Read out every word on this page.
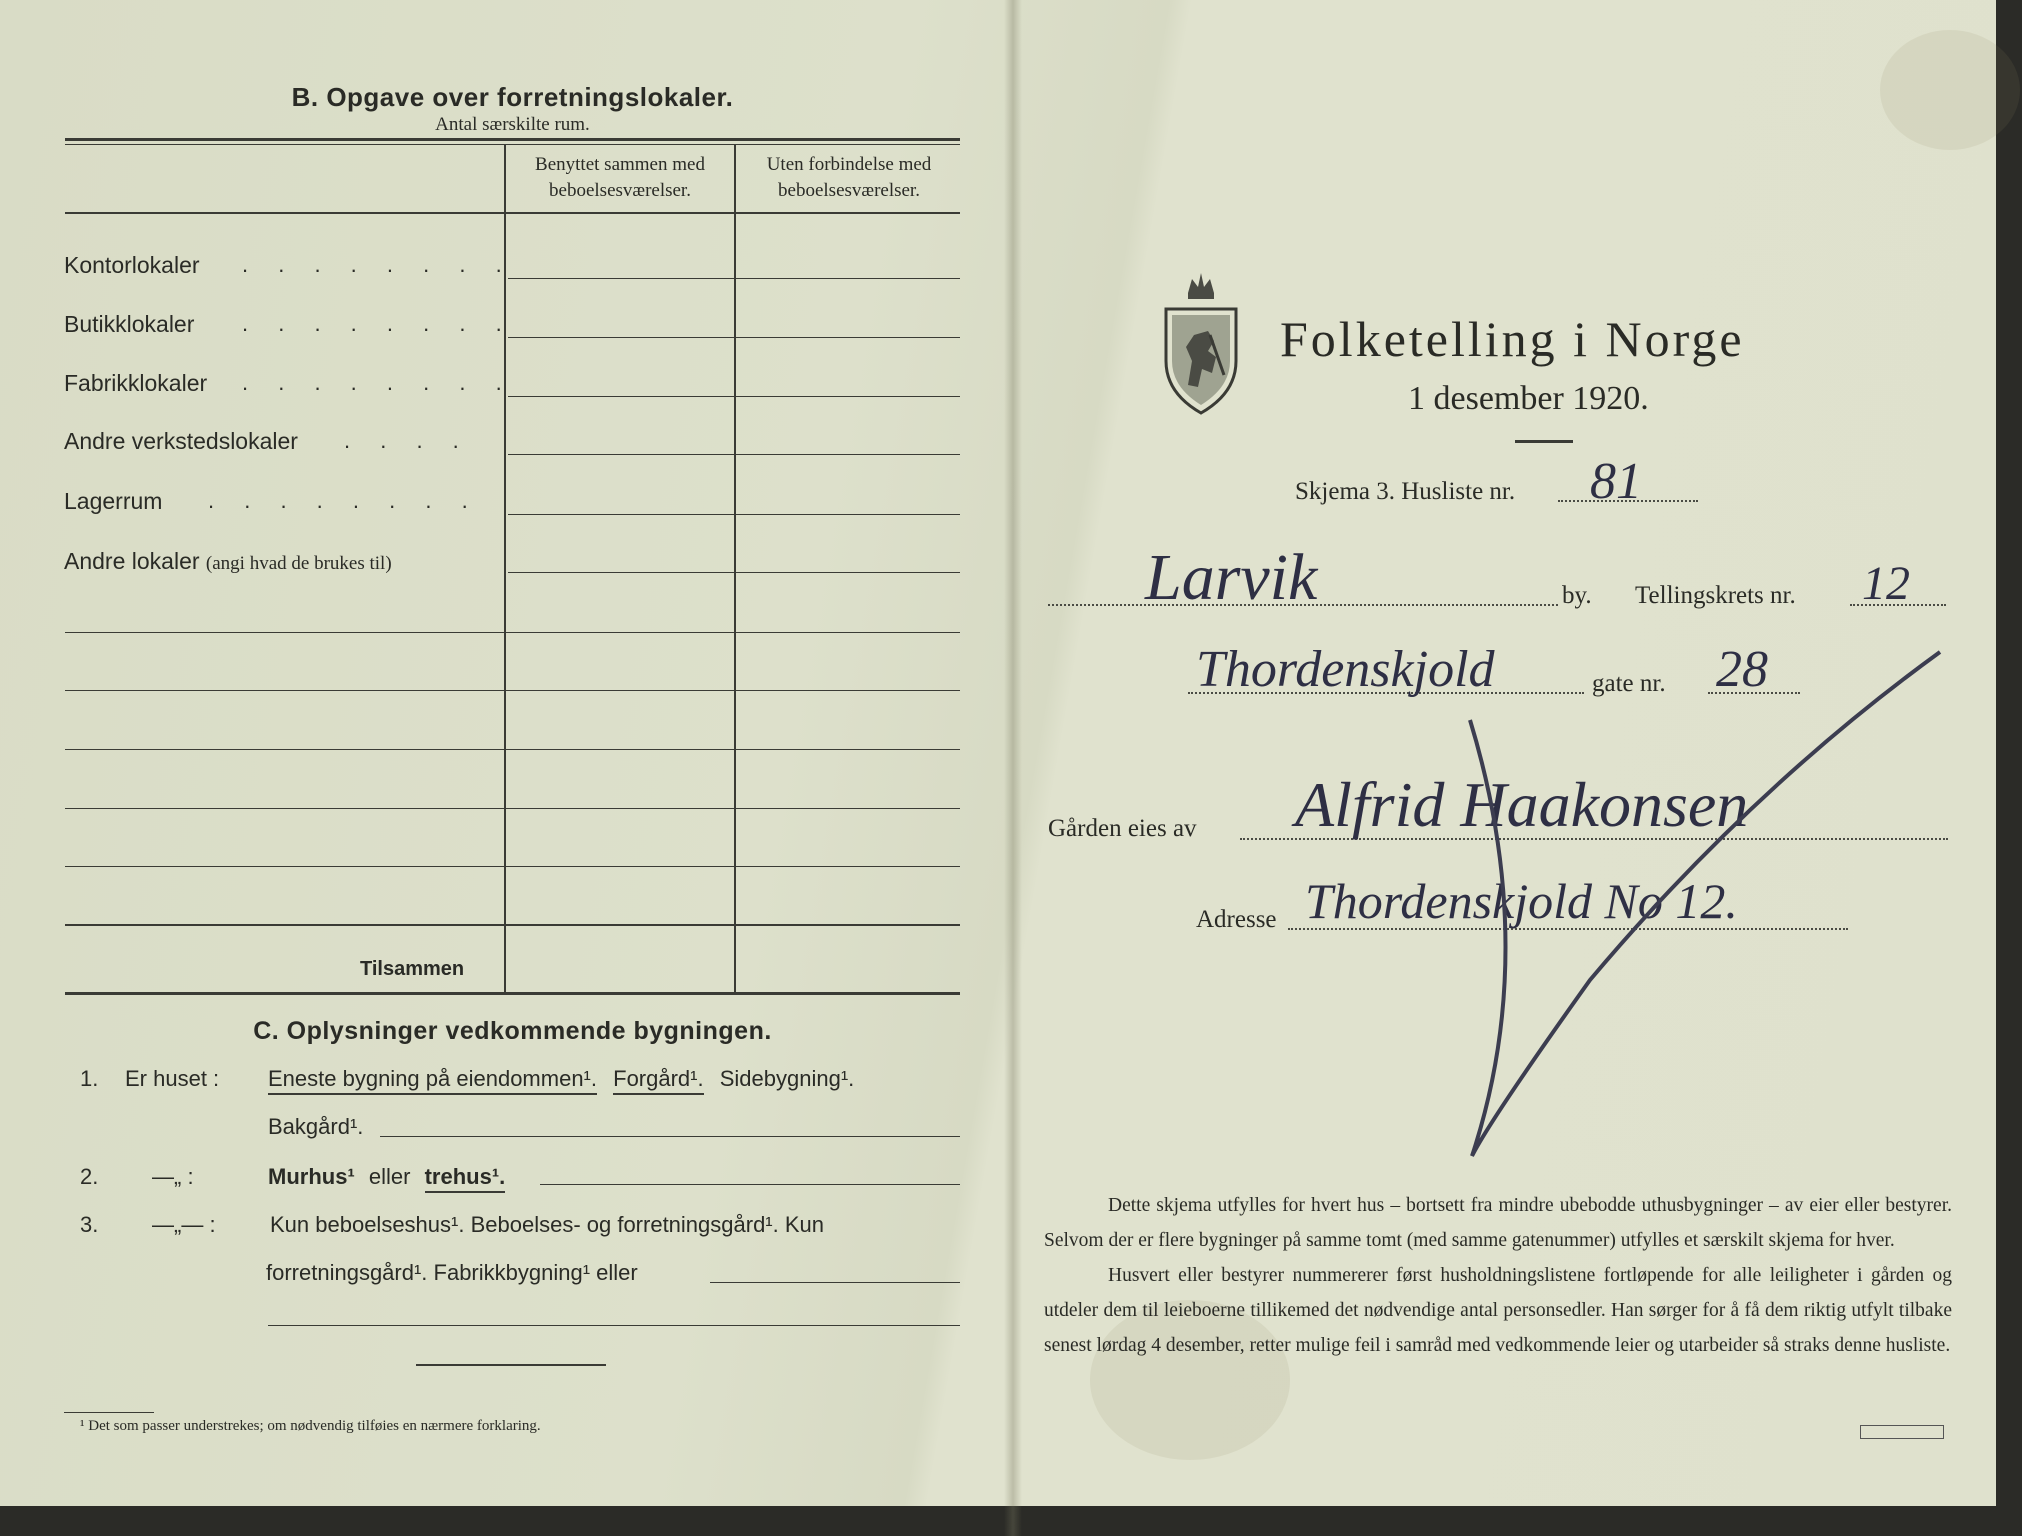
B. Opgave over forretningslokaler.
Antal særskilte rum.
Benyttet sammen med beboelsesværelser.
Uten forbindelse med beboelsesværelser.
Kontorlokaler . . . . . . . .
Butikklokaler . . . . . . . .
Fabrikklokaler . . . . . . . .
Andre verkstedslokaler . . . .
Lagerrum . . . . . . . .
Andre lokaler (angi hvad de brukes til)
Tilsammen
C. Oplysninger vedkommende bygningen.
1. Er huset : Eneste bygning på eiendommen¹. Forgård¹. Sidebygning¹.
Bakgård¹.
2. —„ :	Murhus¹ eller trehus¹.
3. —„— : Kun beboelseshus¹. Beboelses- og forretningsgård¹. Kun
forretningsgård¹. Fabrikkbygning¹ eller
¹ Det som passer understrekes; om nødvendig tilføies en nærmere forklaring.
Folketelling i Norge
1 desember 1920.
Skjema 3. Husliste nr. 81
Larvik	by. Tellingskrets nr. 12
Thordenskjold	gate nr. 28
Gården eies av Alfrid Haakonsen
Adresse Thordenskjold No 12.

Dette skjema utfylles for hvert hus – bortsett fra mindre ubebodde uthusbygninger – av eier eller bestyrer. Selvom der er flere bygninger på samme tomt (med samme gatenummer) utfylles et særskilt skjema for hver.

Husvert eller bestyrer nummererer først husholdningslistene fortløpende for alle leiligheter i gården og utdeler dem til leieboerne tillikemed det nødvendige antal personsedler. Han sørger for å få dem riktig utfylt tilbake senest lørdag 4 desember, retter mulige feil i samråd med vedkommende leier og utarbeider så straks denne husliste.
